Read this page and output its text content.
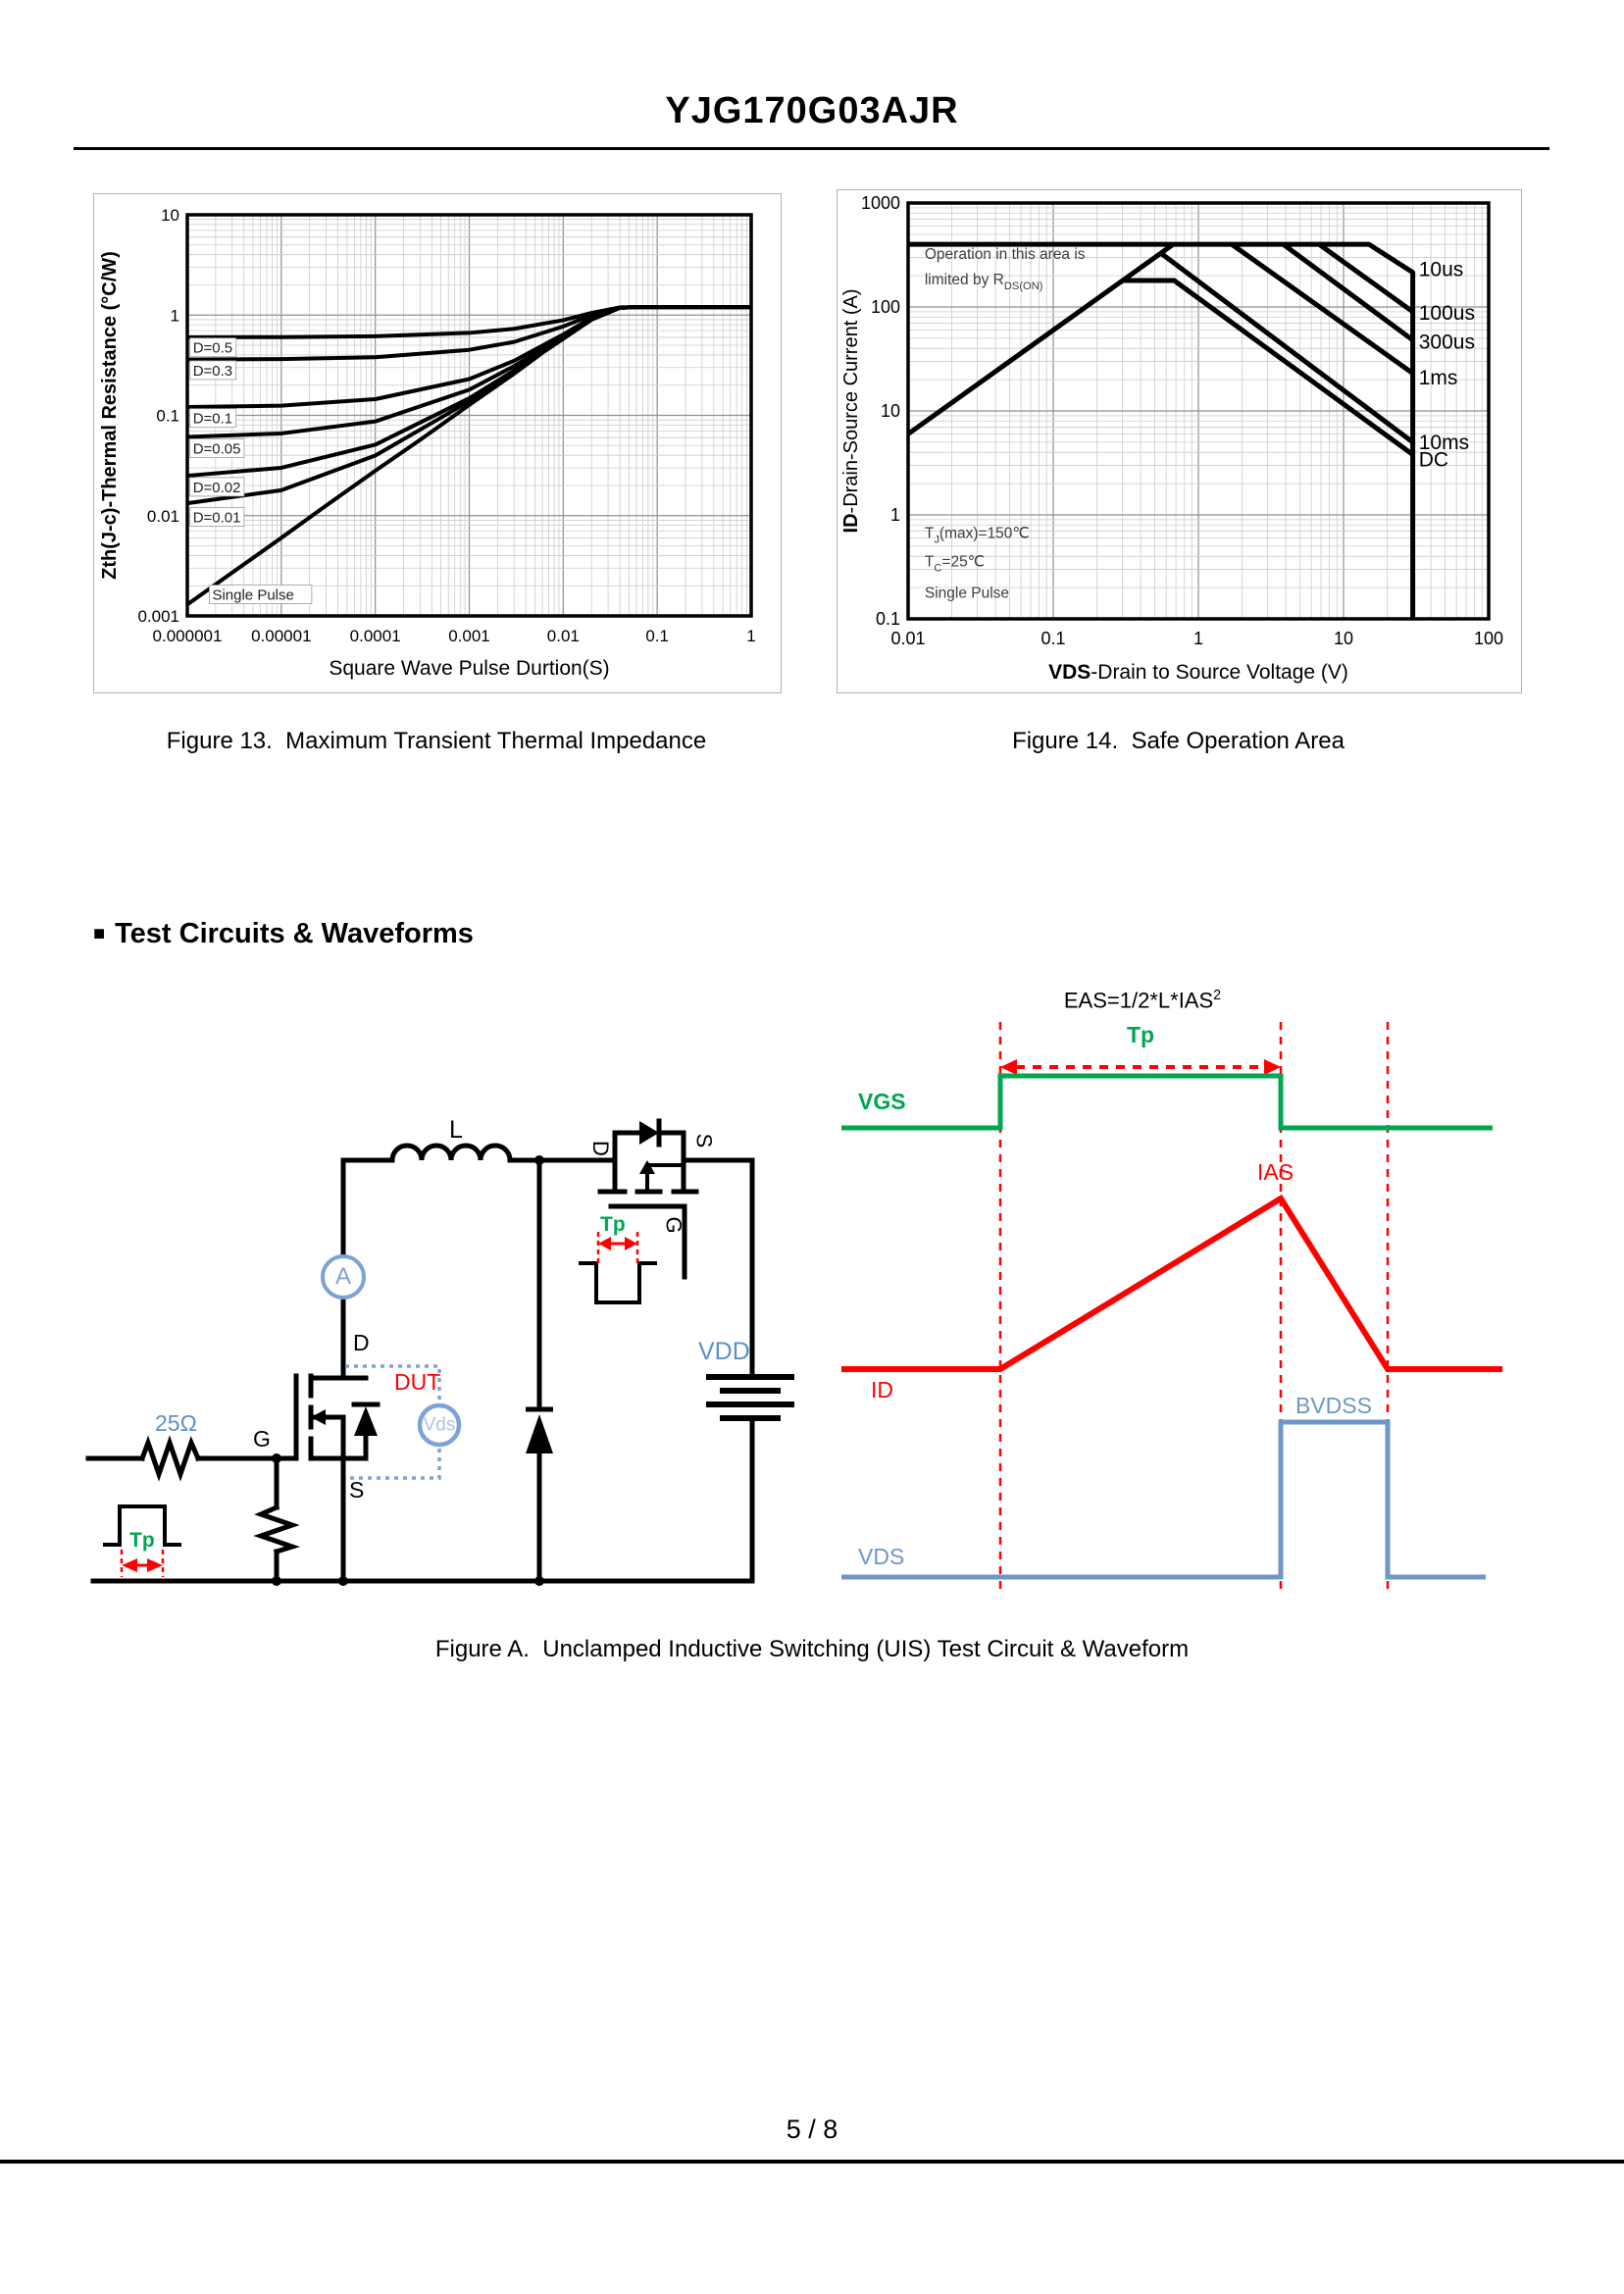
YJG170G03AJR
D=0.5
D=0.3
D=0.1
D=0.05
D=0.02
D=0.01
Single Pulse
0.000001 0.00001 0.0001	0.001	0.01	0.1	1
10
1
0.1
0.01
0.001
Square Wave Pulse Durtion(S)
Zth(J-c)-Thermal Resistance (°C/W)	10us
100us
300us
1ms
10ms
DC
Operation in this area is
limited by $R_{DS(ON)}$
$T_J(\max)=150℃$
$T_C=25℃$
Single Pulse
0.01	0.1	1	10	100
1000
100
10
1
0.1
VDS-Drain to Source Voltage (V)
ID-Drain-Source Current (A)
Figure 13.  Maximum Transient Thermal Impedance	Figure 14.  Safe Operation Area
■ Test Circuits & Waveforms
L
A
25Ω
G
D
S
DUT
Vds
VDD
Tp
D
S
G
Tp
$EAS=1/2*L*IAS^2$
Tp
VGS
IAS
ID
BVDSS
VDS
Figure A.  Unclamped Inductive Switching (UIS) Test Circuit & Waveform
5 / 8
